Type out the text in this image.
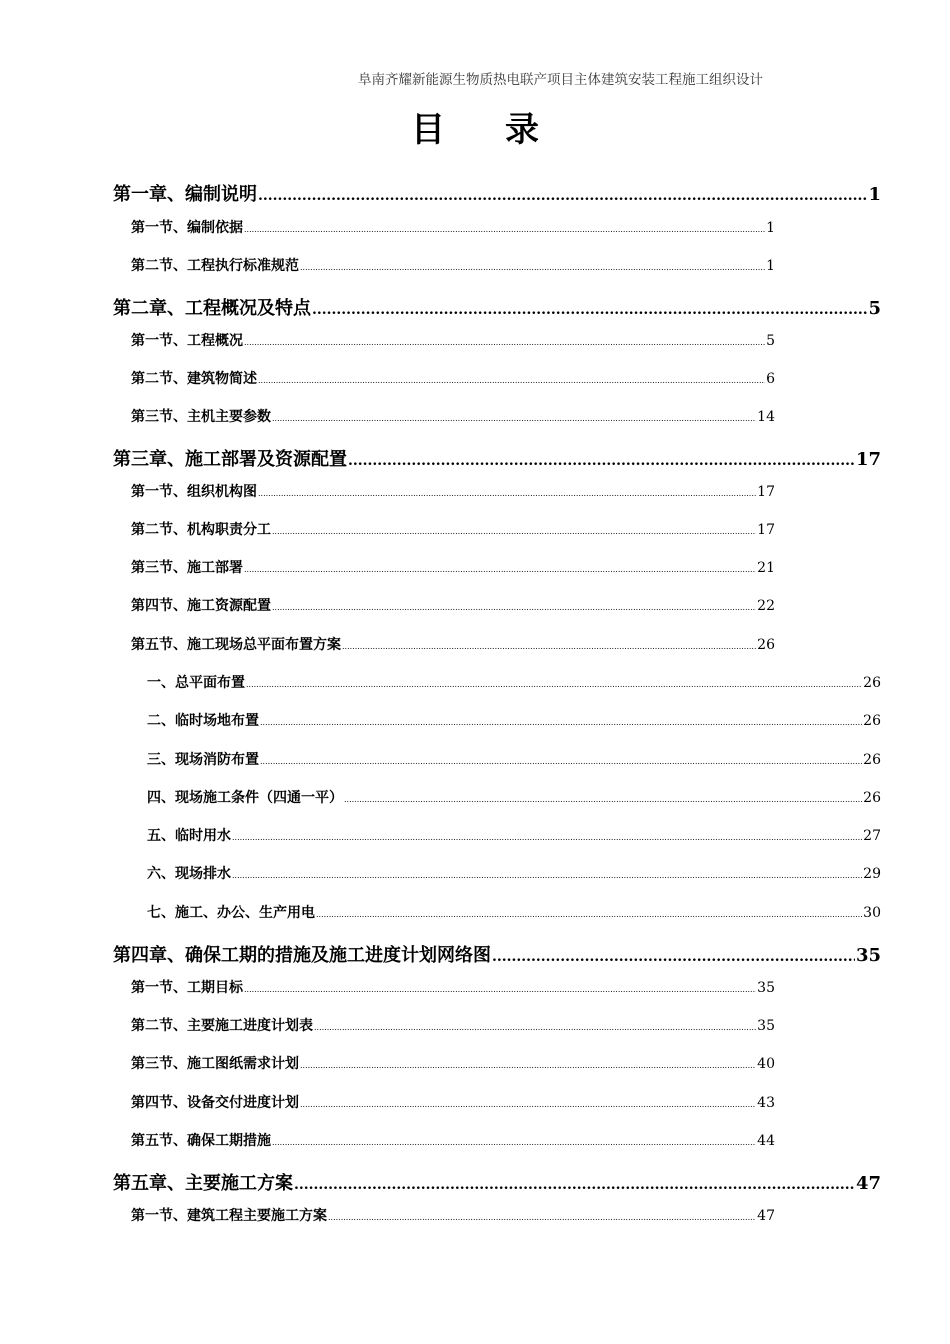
阜南齐耀新能源生物质热电联产项目主体建筑安装工程施工组织设计
目录
第一章、编制说明 .....	1
第一节、编制依据 .....	1
第二节、工程执行标准规范 .....	1
第二章、工程概况及特点 .....	5
第一节、工程概况 .....	5
第二节、建筑物简述 .....	6
第三节、主机主要参数 .....	14
第三章、施工部署及资源配置 .....	17
第一节、组织机构图 .....	17
第二节、机构职责分工 .....	17
第三节、施工部署 .....	21
第四节、施工资源配置 .....	22
第五节、施工现场总平面布置方案 .....	26
一、总平面布置 .....	26
二、临时场地布置 .....	26
三、现场消防布置 .....	26
四、现场施工条件（四通一平） .....	26
五、临时用水 .....	27
六、现场排水 .....	29
七、施工、办公、生产用电 .....	30
第四章、确保工期的措施及施工进度计划网络图 .....	35
第一节、工期目标 .....	35
第二节、主要施工进度计划表 .....	35
第三节、施工图纸需求计划 .....	40
第四节、设备交付进度计划 .....	43
第五节、确保工期措施 .....	44
第五章、主要施工方案 .....	47
第一节、建筑工程主要施工方案 .....	47
